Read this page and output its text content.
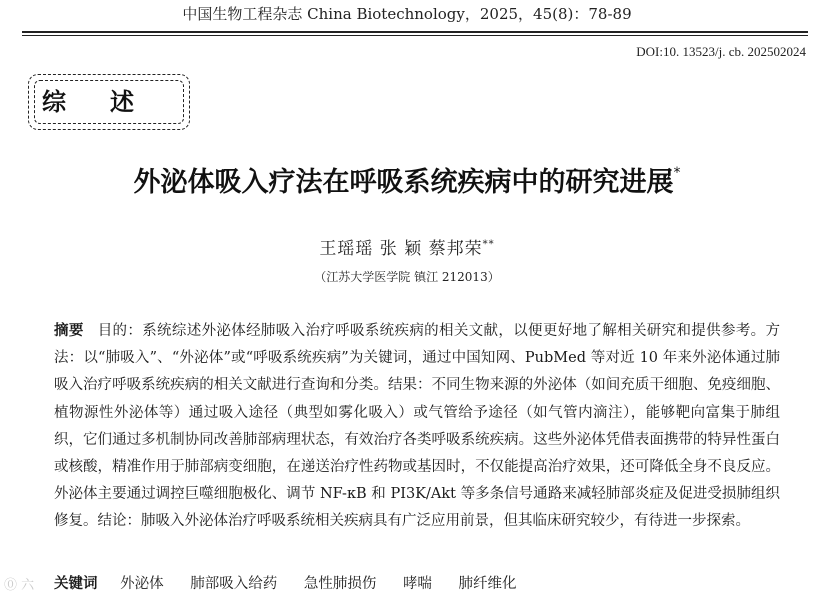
中国生物工程杂志 China Biotechnology，2025，45(8)：78-89
DOI:10. 13523/j. cb. 202502024
综述
外泌体吸入疗法在呼吸系统疾病中的研究进展*
王瑶瑶 张 颖 蔡邦荣**
（江苏大学医学院 镇江 212013）
摘要 目的：系统综述外泌体经肺吸入治疗呼吸系统疾病的相关文献，以便更好地了解相关研究和提供参考。方法：以“肺吸入”、“外泌体”或“呼吸系统疾病”为关键词，通过中国知网、PubMed 等对近 10 年来外泌体通过肺吸入治疗呼吸系统疾病的相关文献进行查询和分类。结果：不同生物来源的外泌体（如间充质干细胞、免疫细胞、植物源性外泌体等）通过吸入途径（典型如雾化吸入）或气管给予途径（如气管内滴注），能够靶向富集于肺组织，它们通过多机制协同改善肺部病理状态，有效治疗各类呼吸系统疾病。这些外泌体凭借表面携带的特异性蛋白或核酸，精准作用于肺部病变细胞，在递送治疗性药物或基因时，不仅能提高治疗效果，还可降低全身不良反应。外泌体主要通过调控巨噬细胞极化、调节 NF-κB 和 PI3K/Akt 等多条信号通路来减轻肺部炎症及促进受损肺组织修复。结论：肺吸入外泌体治疗呼吸系统相关疾病具有广泛应用前景，但其临床研究较少，有待进一步探索。
关键词 外泌体 肺部吸入给药 急性肺损伤 哮喘 肺纤维化
⓪ 六
